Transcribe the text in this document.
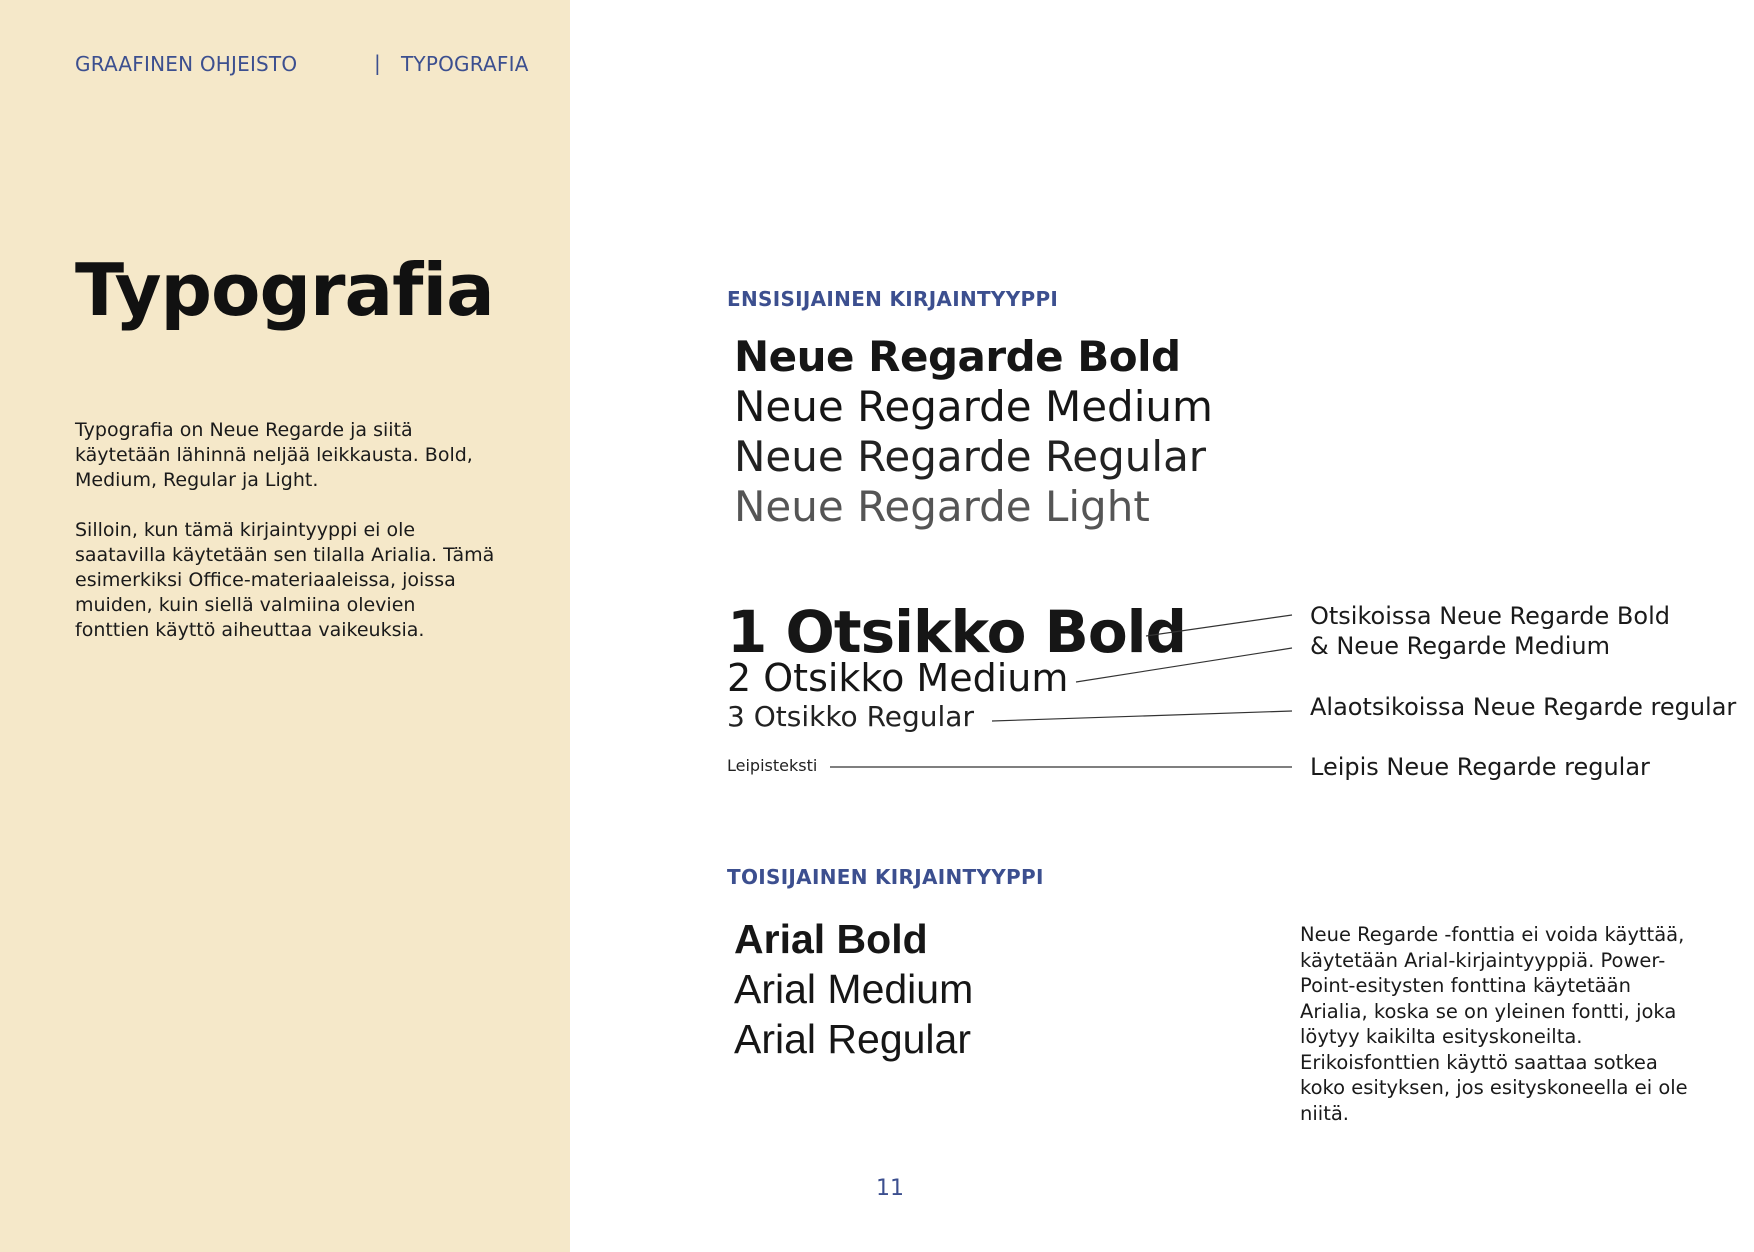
GRAAFINEN OHJEISTO	| TYPOGRAFIA
Typografia
Typografia on Neue Regarde ja siitä käytetään lähinnä neljää leikkausta. Bold, Medium, Regular ja Light.
Silloin, kun tämä kirjaintyyppi ei ole saatavilla käytetään sen tilalla Arialia. Tämä esimerkiksi Office-materiaaleissa, joissa muiden, kuin siellä valmiina olevien fonttien käyttö aiheuttaa vaikeuksia.
ENSISIJAINEN KIRJAINTYYPPI
Neue Regarde Bold
Neue Regarde Medium
Neue Regarde Regular
Neue Regarde Light
1 Otsikko Bold
2 Otsikko Medium
3 Otsikko Regular
Leipisteksti
Otsikoissa Neue Regarde Bold
& Neue Regarde Medium
Alaotsikoissa Neue Regarde regular
Leipis Neue Regarde regular
TOISIJAINEN KIRJAINTYYPPI
Arial Bold
Arial Medium
Arial Regular
Neue Regarde -fonttia ei voida käyttää, käytetään Arial-kirjaintyyppiä. Power-Point-esitysten fonttina käytetään Arialia, koska se on yleinen fontti, joka löytyy kaikilta esityskoneilta. Erikoisfonttien käyttö saattaa sotkea koko esityksen, jos esityskoneella ei ole niitä.
11
